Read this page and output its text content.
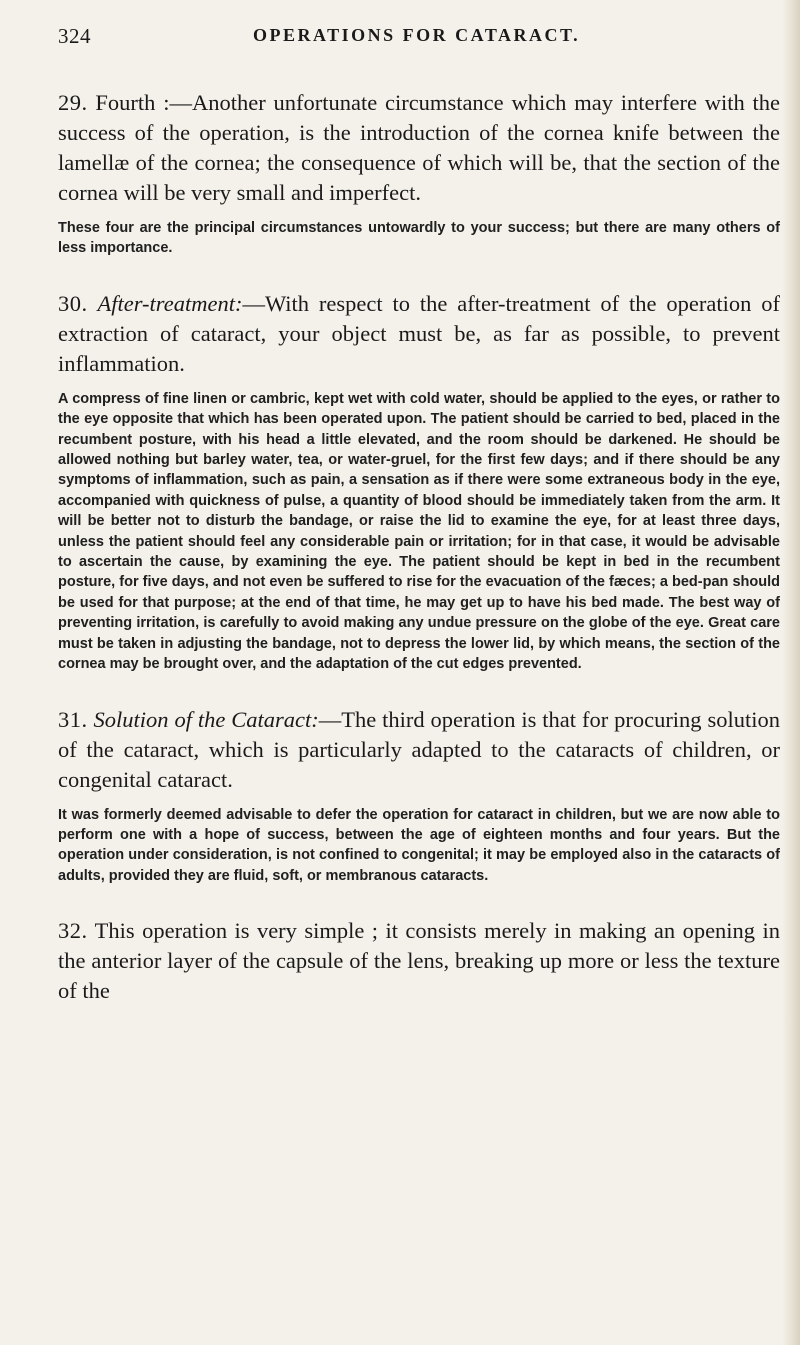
324	OPERATIONS FOR CATARACT.

29. Fourth :—Another unfortunate circumstance which may interfere with the success of the operation, is the introduction of the cornea knife between the lamellæ of the cornea; the consequence of which will be, that the section of the cornea will be very small and imperfect.

These four are the principal circumstances untowardly to your success; but there are many others of less importance.

30. After-treatment:—With respect to the after-treatment of the operation of extraction of cataract, your object must be, as far as possible, to prevent inflammation.

A compress of fine linen or cambric, kept wet with cold water, should be applied to the eyes, or rather to the eye opposite that which has been operated upon. The patient should be carried to bed, placed in the recumbent posture, with his head a little elevated, and the room should be darkened. He should be allowed nothing but barley water, tea, or water-gruel, for the first few days; and if there should be any symptoms of inflammation, such as pain, a sensation as if there were some extraneous body in the eye, accompanied with quickness of pulse, a quantity of blood should be immediately taken from the arm. It will be better not to disturb the bandage, or raise the lid to examine the eye, for at least three days, unless the patient should feel any considerable pain or irritation; for in that case, it would be advisable to ascertain the cause, by examining the eye. The patient should be kept in bed in the recumbent posture, for five days, and not even be suffered to rise for the evacuation of the fæces; a bed-pan should be used for that purpose; at the end of that time, he may get up to have his bed made. The best way of preventing irritation, is carefully to avoid making any undue pressure on the globe of the eye. Great care must be taken in adjusting the bandage, not to depress the lower lid, by which means, the section of the cornea may be brought over, and the adaptation of the cut edges prevented.

31. Solution of the Cataract:—The third operation is that for procuring solution of the cataract, which is particularly adapted to the cataracts of children, or congenital cataract.

It was formerly deemed advisable to defer the operation for cataract in children, but we are now able to perform one with a hope of success, between the age of eighteen months and four years. But the operation under consideration, is not confined to congenital; it may be employed also in the cataracts of adults, provided they are fluid, soft, or membranous cataracts.

32. This operation is very simple ; it consists merely in making an opening in the anterior layer of the capsule of the lens, breaking up more or less the texture of the
